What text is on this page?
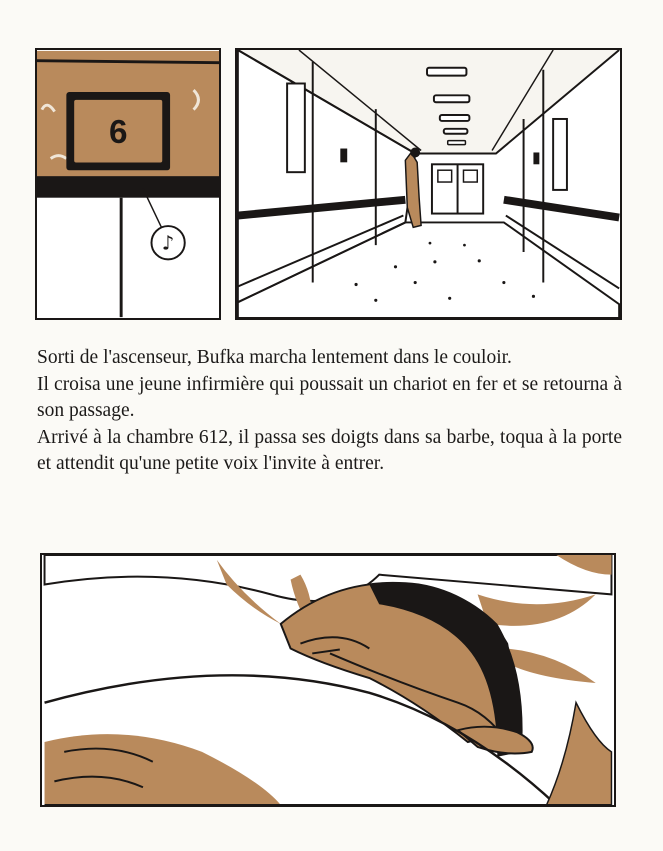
6
♪

Sorti de l'ascenseur, Bufka marcha lentement dans le couloir.
Il croisa une jeune infirmière qui poussait un chariot en fer et se retourna à son passage.
Arrivé à la chambre 612, il passa ses doigts dans sa barbe, toqua à la porte et attendit qu'une petite voix l'invite à entrer.
